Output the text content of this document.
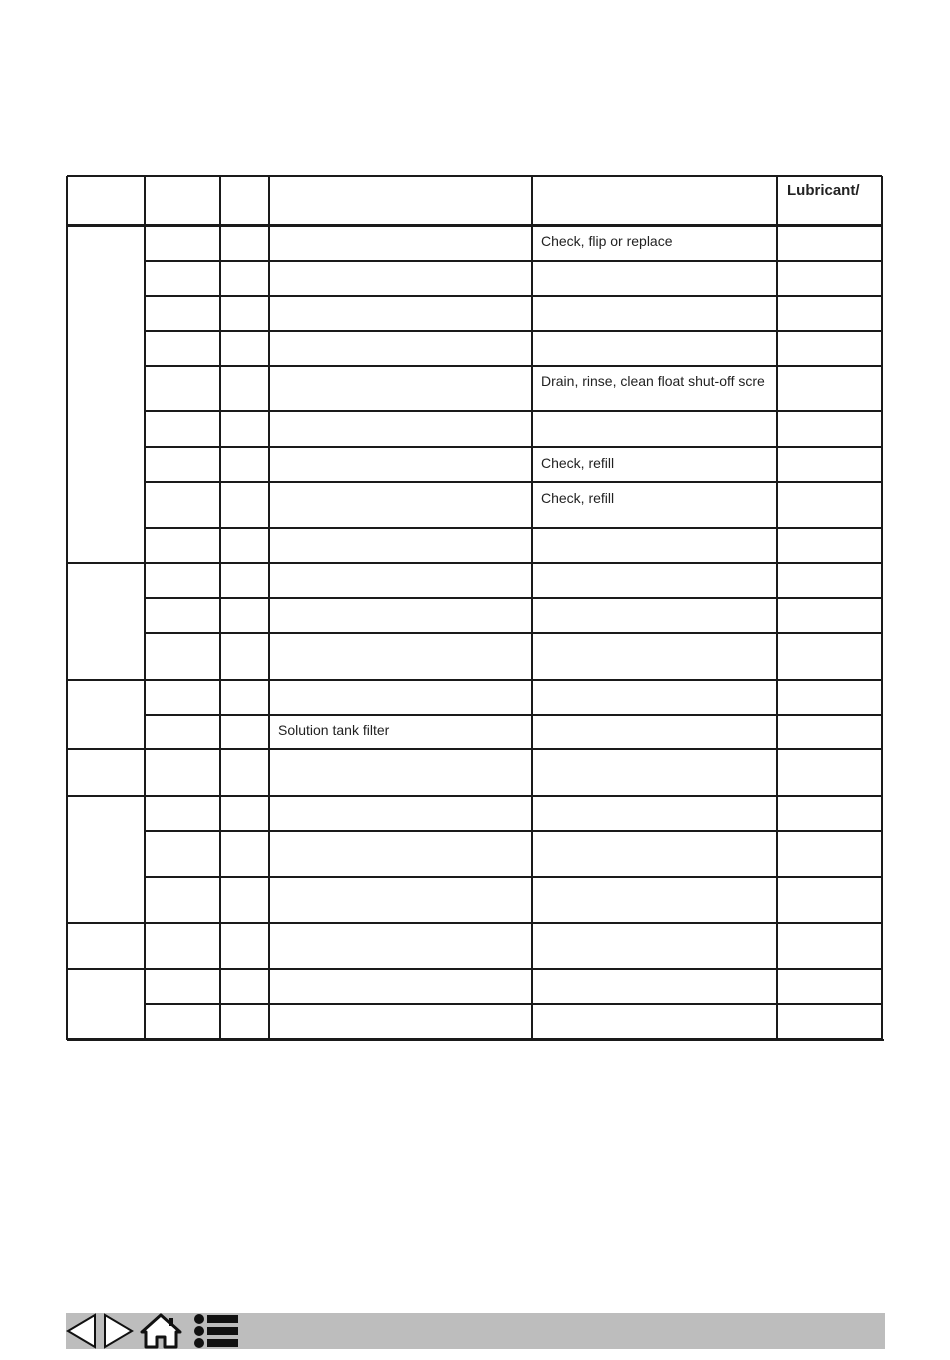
Lubricant/
Check, flip or replace
Drain, rinse, clean float shut-off scre
Check, refill
Check, refill
Solution tank filter
